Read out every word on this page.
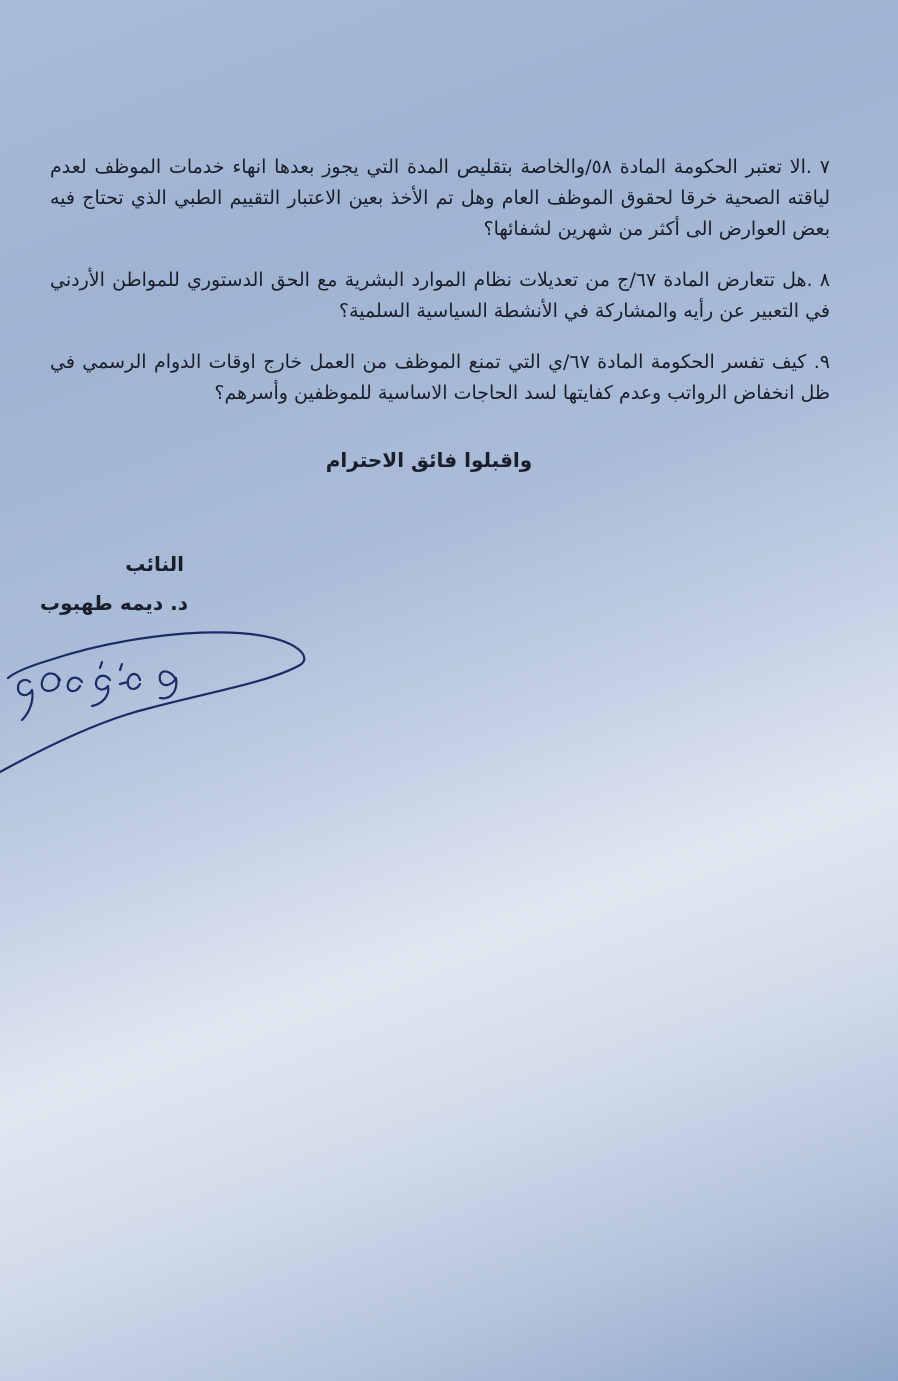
٧ .الا تعتبر الحكومة المادة ٥٨/والخاصة بتقليص المدة التي يجوز بعدها انهاء خدمات الموظف لعدم لياقته الصحية خرقا لحقوق الموظف العام وهل تم الأخذ بعين الاعتبار التقييم الطبي الذي تحتاج فيه بعض العوارض الى أكثر من شهرين لشفائها؟

٨ .هل تتعارض المادة ٦٧/ج من تعديلات نظام الموارد البشرية مع الحق الدستوري للمواطن الأردني في التعبير عن رأيه والمشاركة في الأنشطة السياسية السلمية؟

٩. كيف تفسر الحكومة المادة ٦٧/ي التي تمنع الموظف من العمل خارج اوقات الدوام الرسمي في ظل انخفاض الرواتب وعدم كفايتها لسد الحاجات الاساسية للموظفين وأسرهم؟

واقبلوا فائق الاحترام
النائب
د. ديمه طهبوب
